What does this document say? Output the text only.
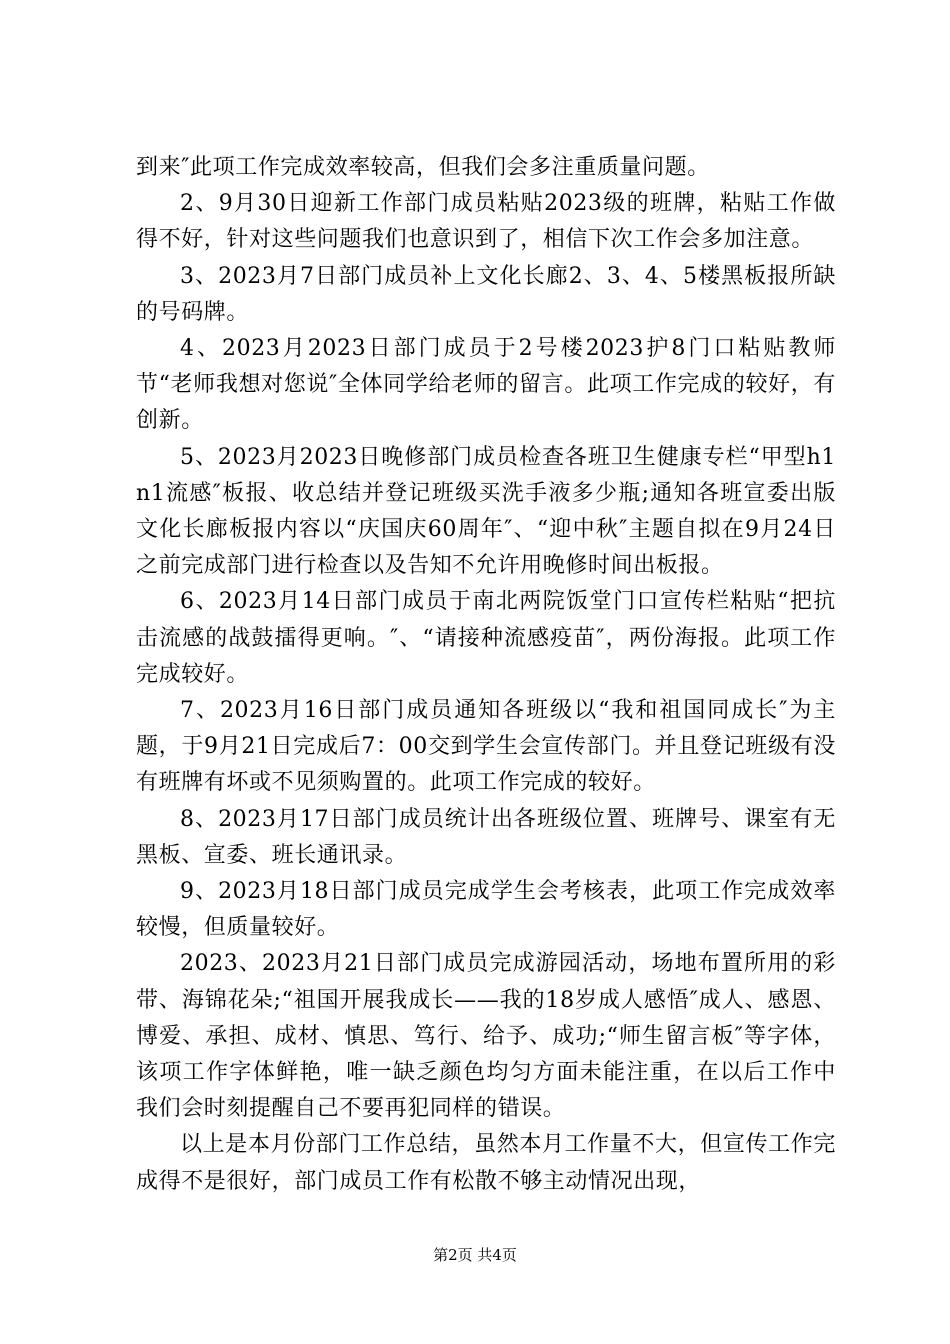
到来″此项工作完成效率较高，但我们会多注重质量问题。

2、9月30日迎新工作部门成员粘贴2023级的班牌，粘贴工作做得不好，针对这些问题我们也意识到了，相信下次工作会多加注意。

3、2023月7日部门成员补上文化长廊2、3、4、5楼黑板报所缺的号码牌。

4、2023月2023日部门成员于2号楼2023护8门口粘贴教师节“老师我想对您说″全体同学给老师的留言。此项工作完成的较好，有创新。

5、2023月2023日晚修部门成员检查各班卫生健康专栏“甲型h1n1流感″板报、收总结并登记班级买洗手液多少瓶;通知各班宣委出版文化长廊板报内容以“庆国庆60周年″、“迎中秋″主题自拟在9月24日之前完成部门进行检查以及告知不允许用晚修时间出板报。

6、2023月14日部门成员于南北两院饭堂门口宣传栏粘贴“把抗击流感的战鼓擂得更响。″、“请接种流感疫苗″，两份海报。此项工作完成较好。

7、2023月16日部门成员通知各班级以“我和祖国同成长″为主题，于9月21日完成后7：00交到学生会宣传部门。并且登记班级有没有班牌有坏或不见须购置的。此项工作完成的较好。

8、2023月17日部门成员统计出各班级位置、班牌号、课室有无黑板、宣委、班长通讯录。

9、2023月18日部门成员完成学生会考核表，此项工作完成效率较慢，但质量较好。

2023、2023月21日部门成员完成游园活动，场地布置所用的彩带、海锦花朵;“祖国开展我成长——我的18岁成人感悟″成人、感恩、博爱、承担、成材、慎思、笃行、给予、成功;“师生留言板″等字体，该项工作字体鲜艳，唯一缺乏颜色均匀方面未能注重，在以后工作中我们会时刻提醒自己不要再犯同样的错误。

以上是本月份部门工作总结，虽然本月工作量不大，但宣传工作完成得不是很好，部门成员工作有松散不够主动情况出现，

第2页 共4页
